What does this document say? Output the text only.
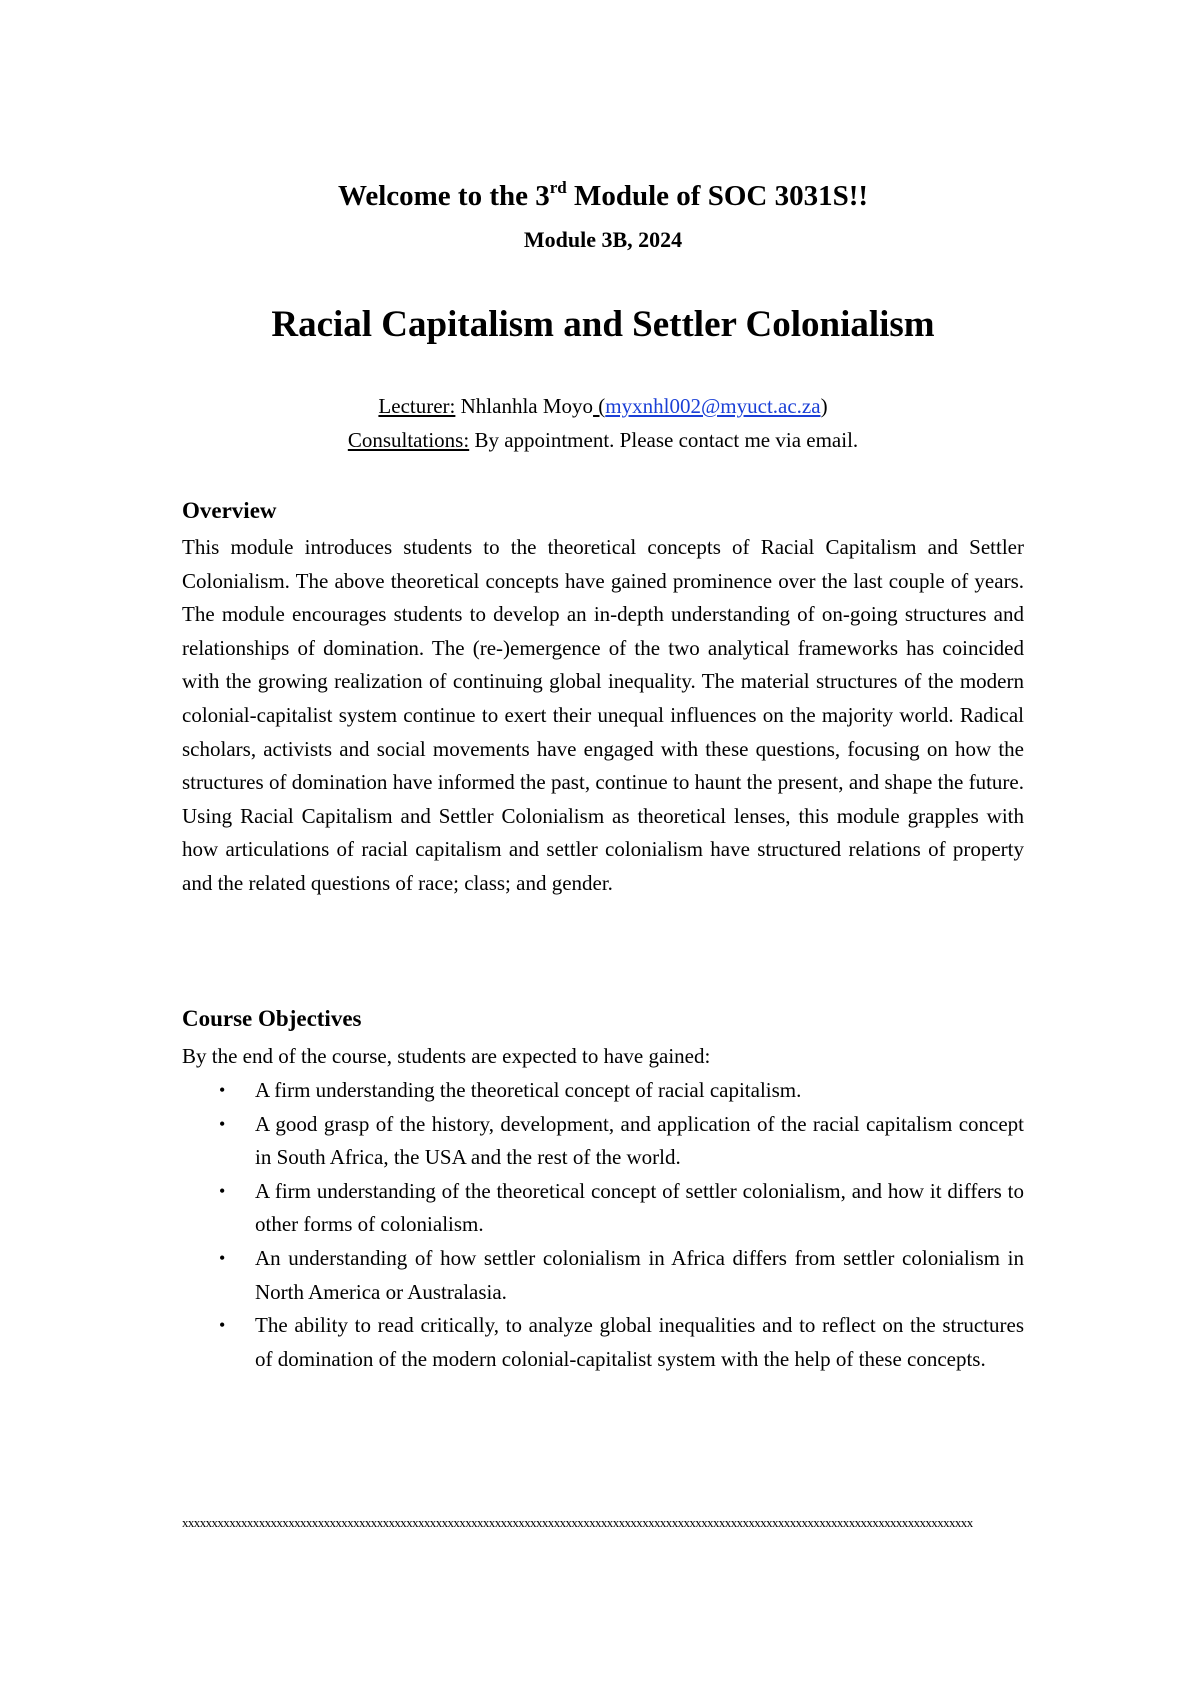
Welcome to the 3rd Module of SOC 3031S!!
Module 3B, 2024
Racial Capitalism and Settler Colonialism
Lecturer: Nhlanhla Moyo (myxnhl002@myuct.ac.za)
Consultations: By appointment. Please contact me via email.
Overview
This module introduces students to the theoretical concepts of Racial Capitalism and Settler Colonialism. The above theoretical concepts have gained prominence over the last couple of years. The module encourages students to develop an in-depth understanding of on-going structures and relationships of domination. The (re-)emergence of the two analytical frameworks has coincided with the growing realization of continuing global inequality. The material structures of the modern colonial-capitalist system continue to exert their unequal influences on the majority world. Radical scholars, activists and social movements have engaged with these questions, focusing on how the structures of domination have informed the past, continue to haunt the present, and shape the future. Using Racial Capitalism and Settler Colonialism as theoretical lenses, this module grapples with how articulations of racial capitalism and settler colonialism have structured relations of property and the related questions of race; class; and gender.
Course Objectives
By the end of the course, students are expected to have gained:
• A firm understanding the theoretical concept of racial capitalism.
• A good grasp of the history, development, and application of the racial capitalism concept in South Africa, the USA and the rest of the world.
• A firm understanding of the theoretical concept of settler colonialism, and how it differs to other forms of colonialism.
• An understanding of how settler colonialism in Africa differs from settler colonialism in North America or Australasia.
• The ability to read critically, to analyze global inequalities and to reflect on the structures of domination of the modern colonial-capitalist system with the help of these concepts.
xxxxxxxxxxxxxxxxxxxxxxxxxxxxxxxxxxxxxxxxxxxxxxxxxxxxxxxxxxxxxxxxxxxxxxxxxxxxxxxxxxxxxxxxxxxxxxxxxxxxxxxxxxxxxxxxxxxxxxxxxxxxxxxxxxxxxx
